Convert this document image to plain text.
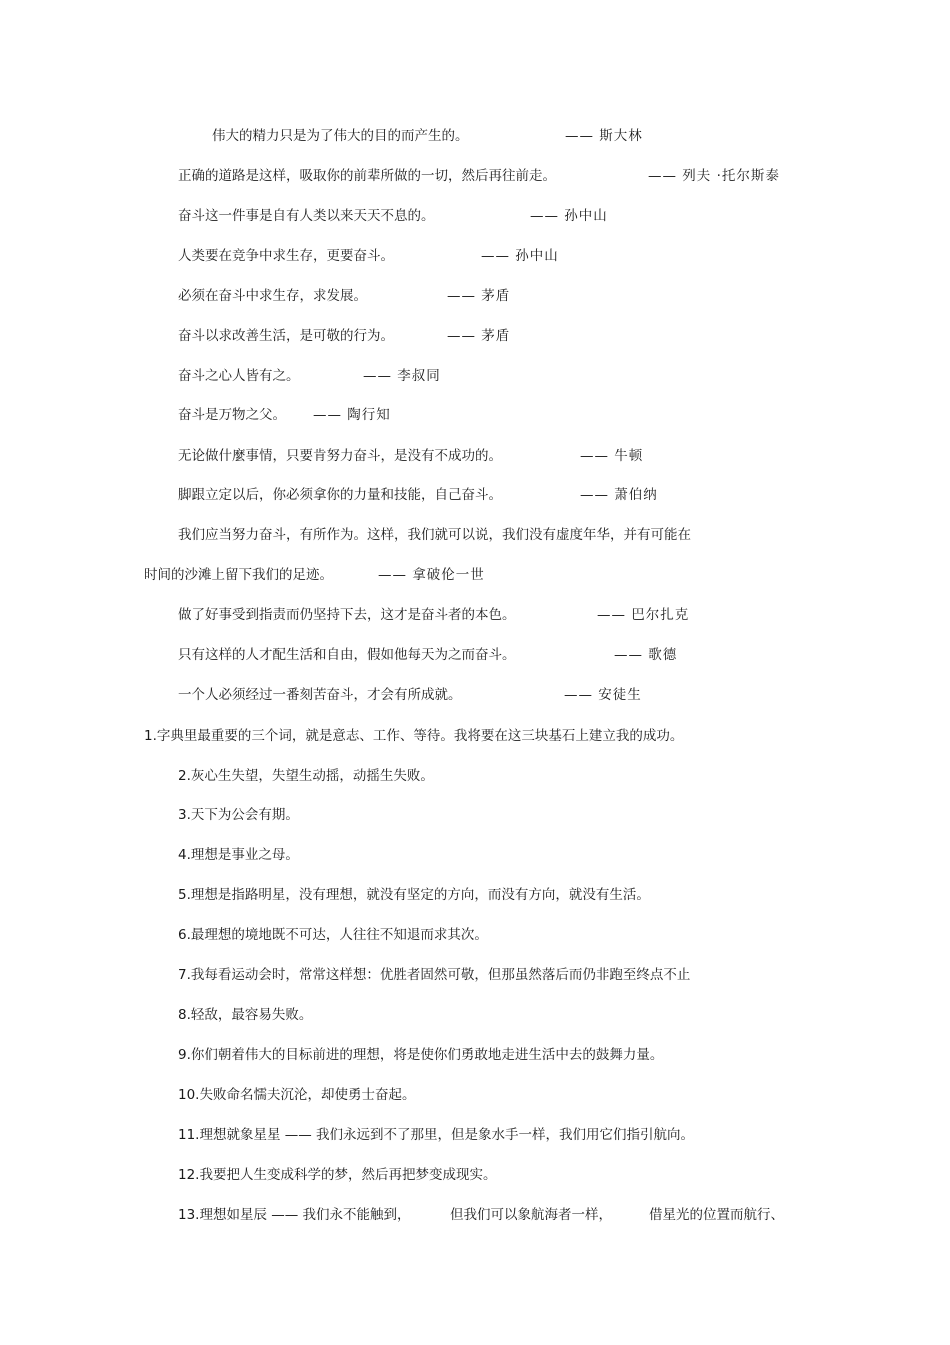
伟大的精力只是为了伟大的目的而产生的。	—— 斯大林
正确的道路是这样，吸取你的前辈所做的一切，然后再往前走。	—— 列夫 ·托尔斯泰
奋斗这一件事是自有人类以来天天不息的。	—— 孙中山
人类要在竞争中求生存，更要奋斗。	—— 孙中山
必须在奋斗中求生存，求发展。	—— 茅盾
奋斗以求改善生活，是可敬的行为。	—— 茅盾
奋斗之心人皆有之。	—— 李叔同
奋斗是万物之父。 —— 陶行知
无论做什麼事情，只要肯努力奋斗，是没有不成功的。	—— 牛顿
脚跟立定以后，你必须拿你的力量和技能，自己奋斗。	—— 萧伯纳
我们应当努力奋斗，有所作为。这样，我们就可以说，我们没有虚度年华，并有可能在
时间的沙滩上留下我们的足迹。	—— 拿破伦一世
做了好事受到指责而仍坚持下去，这才是奋斗者的本色。	—— 巴尔扎克
只有这样的人才配生活和自由，假如他每天为之而奋斗。	—— 歌德
一个人必须经过一番刻苦奋斗，才会有所成就。	—— 安徒生
1.字典里最重要的三个词，就是意志、工作、等待。我将要在这三块基石上建立我的成功。
2.灰心生失望，失望生动摇，动摇生失败。
3.天下为公会有期。
4.理想是事业之母。
5.理想是指路明星，没有理想，就没有坚定的方向，而没有方向，就没有生活。
6.最理想的境地既不可达，人往往不知退而求其次。
7.我每看运动会时，常常这样想：优胜者固然可敬，但那虽然落后而仍非跑至终点不止
8.轻敌，最容易失败。
9.你们朝着伟大的目标前进的理想，将是使你们勇敢地走进生活中去的鼓舞力量。
10.失败命名懦夫沉沦，却使勇士奋起。
11.理想就象星星 —— 我们永远到不了那里，但是象水手一样，我们用它们指引航向。
12.我要把人生变成科学的梦，然后再把梦变成现实。
13.理想如星辰 —— 我们永不能触到，	但我们可以象航海者一样，	借星光的位置而航行、
